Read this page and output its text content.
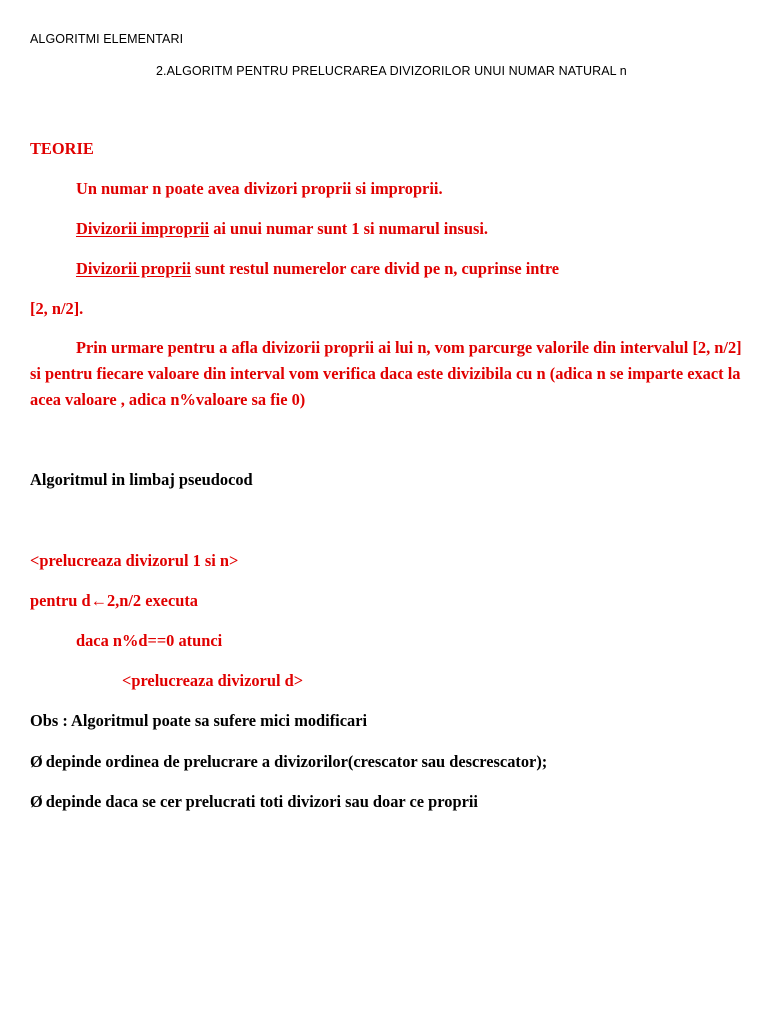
ALGORITMI ELEMENTARI

2.ALGORITM PENTRU PRELUCRAREA DIVIZORILOR UNUI NUMAR NATURAL n

TEORIE

Un numar n poate avea divizori proprii si improprii.

Divizorii improprii ai unui numar sunt 1 si numarul insusi.

Divizorii proprii sunt restul numerelor care divid pe n, cuprinse intre

[2, n/2].

Prin urmare pentru a afla divizorii proprii ai lui n, vom parcurge valorile din intervalul [2, n/2] si pentru fiecare valoare din interval vom verifica daca este divizibila cu n (adica n se imparte exact la acea valoare , adica n%valoare sa fie 0)

Algoritmul in limbaj pseudocod

<prelucreaza divizorul 1 si n>

pentru d←2,n/2 executa

daca n%d==0 atunci

<prelucreaza divizorul d>

Obs : Algoritmul poate sa sufere mici modificari

Ø depinde ordinea de prelucrare a divizorilor(crescator sau descrescator);

Ø depinde daca se cer prelucrati toti divizori sau doar ce proprii
